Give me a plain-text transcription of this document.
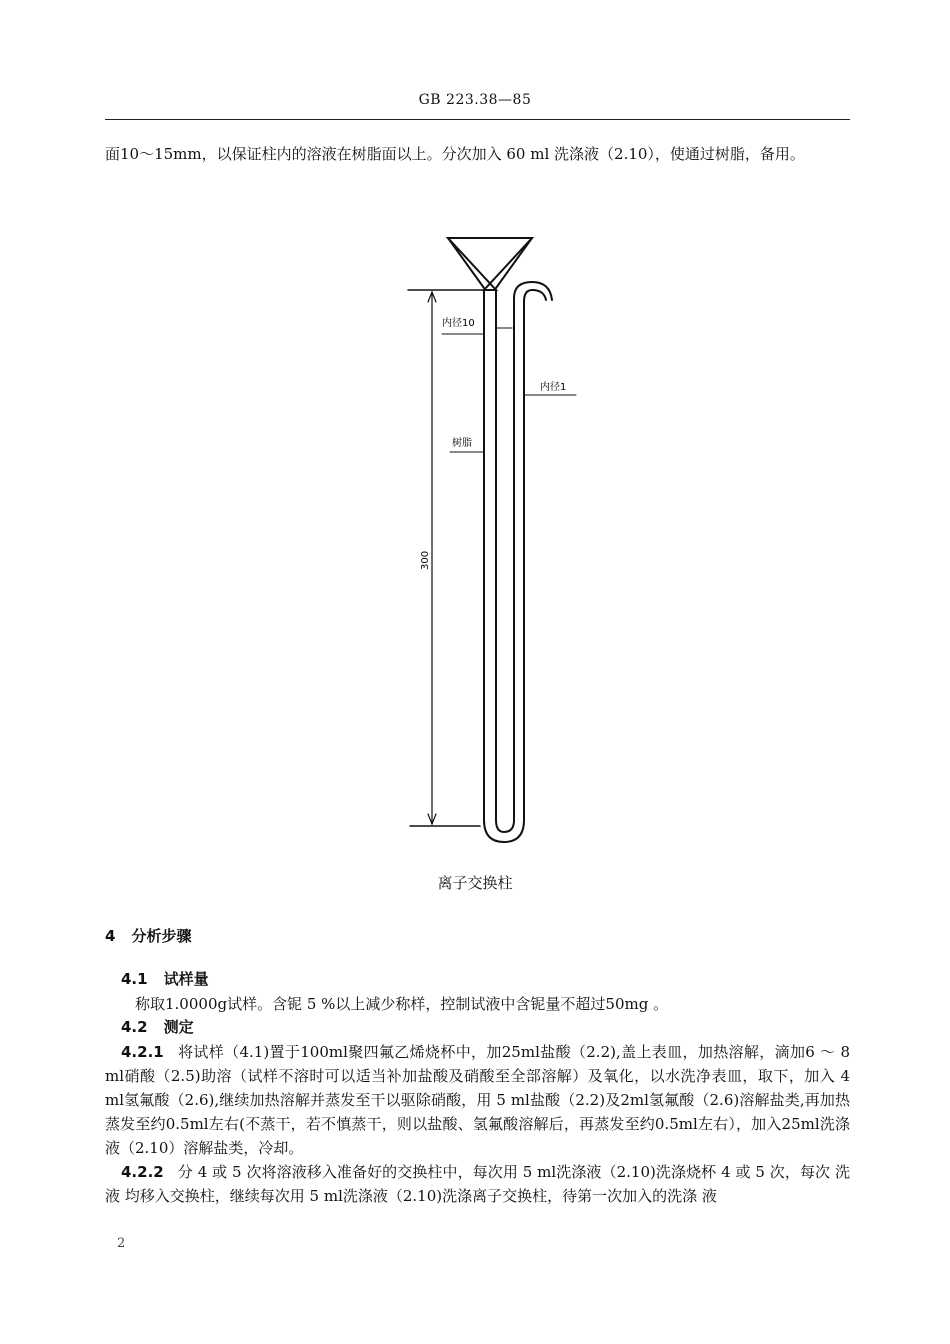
GB 223.38—85
面10～15mm，以保证柱内的溶液在树脂面以上。分次加入 60 ml 洗涤液（2.10），使通过树脂，备用。
内径10
内径1
树脂
300
离子交换柱
4 分析步骤
4.1 试样量
称取1.0000g试样。含铌 5 %以上减少称样，控制试液中含铌量不超过50mg 。
4.2 测定
4.2.1 将试样（4.1)置于100ml聚四氟乙烯烧杯中，加25ml盐酸（2.2),盖上表皿，加热溶解，滴加6 ～ 8 ml硝酸（2.5)助溶（试样不溶时可以适当补加盐酸及硝酸至全部溶解）及氧化，以水洗净表皿，取下，加入 4 ml氢氟酸（2.6),继续加热溶解并蒸发至干以驱除硝酸，用 5 ml盐酸（2.2)及2ml氢氟酸（2.6)溶解盐类,再加热蒸发至约0.5ml左右(不蒸干，若不慎蒸干，则以盐酸、氢氟酸溶解后，再蒸发至约0.5ml左右），加入25ml洗涤液（2.10）溶解盐类，冷却。
4.2.2 分 4 或 5 次将溶液移入准备好的交换柱中，每次用 5 ml洗涤液（2.10)洗涤烧杯 4 或 5 次，每次 洗 液 均移入交换柱，继续每次用 5 ml洗涤液（2.10)洗涤离子交换柱，待第一次加入的洗涤 液
2
